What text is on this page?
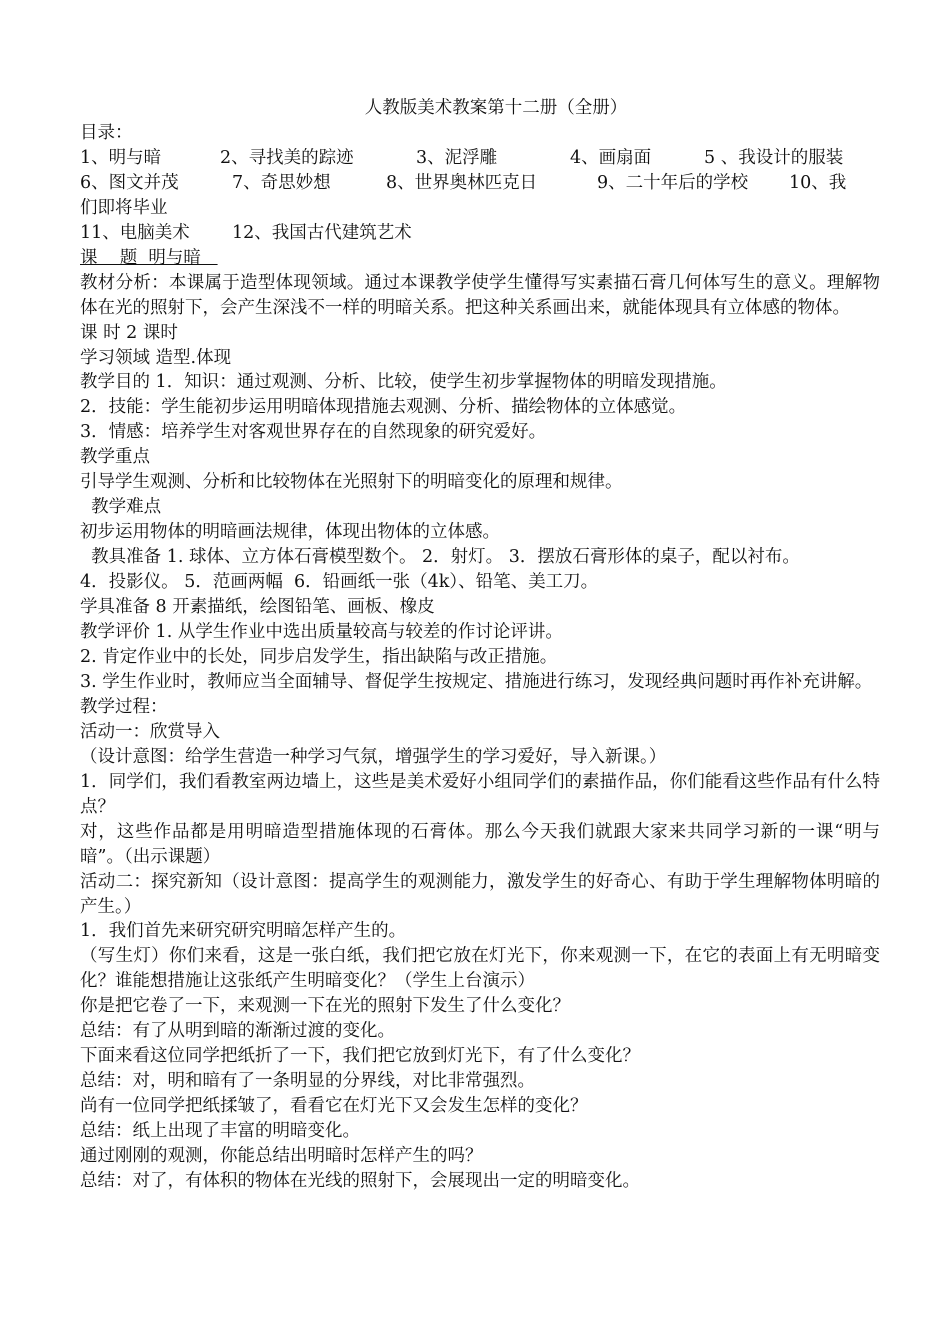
人教版美术教案第十二册（全册）
目录：
1、明与暗	2、寻找美的踪迹	3、泥浮雕	4、画扇面	5 、我设计的服装
6、图文并茂	7、奇思妙想	8、世界奥林匹克日	9、二十年后的学校	10、我
们即将毕业
11、电脑美术	12、我国古代建筑艺术
课    题  明与暗
教材分析：本课属于造型体现领域。通过本课教学使学生懂得写实素描石膏几何体写生的意义。理解物体在光的照射下，会产生深浅不一样的明暗关系。把这种关系画出来，就能体现具有立体感的物体。
课 时 2 课时
学习领域 造型.体现
教学目的 1．知识：通过观测、分析、比较，使学生初步掌握物体的明暗发现措施。
2．技能：学生能初步运用明暗体现措施去观测、分析、描绘物体的立体感觉。
3．情感：培养学生对客观世界存在的自然现象的研究爱好。
教学重点
引导学生观测、分析和比较物体在光照射下的明暗变化的原理和规律。
教学难点
初步运用物体的明暗画法规律，体现出物体的立体感。
教具准备 1. 球体、立方体石膏模型数个。 2．射灯。 3．摆放石膏形体的桌子，配以衬布。
4．投影仪。 5．范画两幅  6．铅画纸一张（4k）、铅笔、美工刀。
学具准备 8 开素描纸，绘图铅笔、画板、橡皮
教学评价 1. 从学生作业中选出质量较高与较差的作讨论评讲。
2. 肯定作业中的长处，同步启发学生，指出缺陷与改正措施。
3. 学生作业时，教师应当全面辅导、督促学生按规定、措施进行练习，发现经典问题时再作补充讲解。
教学过程：
活动一：欣赏导入
（设计意图：给学生营造一种学习气氛，增强学生的学习爱好，导入新课。）
1．同学们，我们看教室两边墙上，这些是美术爱好小组同学们的素描作品，你们能看这些作品有什么特点？
对，这些作品都是用明暗造型措施体现的石膏体。那么今天我们就跟大家来共同学习新的一课“明与暗”。（出示课题）
活动二：探究新知（设计意图：提高学生的观测能力，激发学生的好奇心、有助于学生理解物体明暗的产生。）
1．我们首先来研究研究明暗怎样产生的。
（写生灯）你们来看，这是一张白纸，我们把它放在灯光下，你来观测一下，在它的表面上有无明暗变化？谁能想措施让这张纸产生明暗变化？（学生上台演示）
你是把它卷了一下，来观测一下在光的照射下发生了什么变化？
总结：有了从明到暗的渐渐过渡的变化。
下面来看这位同学把纸折了一下，我们把它放到灯光下，有了什么变化？
总结：对，明和暗有了一条明显的分界线，对比非常强烈。
尚有一位同学把纸揉皱了，看看它在灯光下又会发生怎样的变化？
总结：纸上出现了丰富的明暗变化。
通过刚刚的观测，你能总结出明暗时怎样产生的吗？
总结：对了，有体积的物体在光线的照射下，会展现出一定的明暗变化。
